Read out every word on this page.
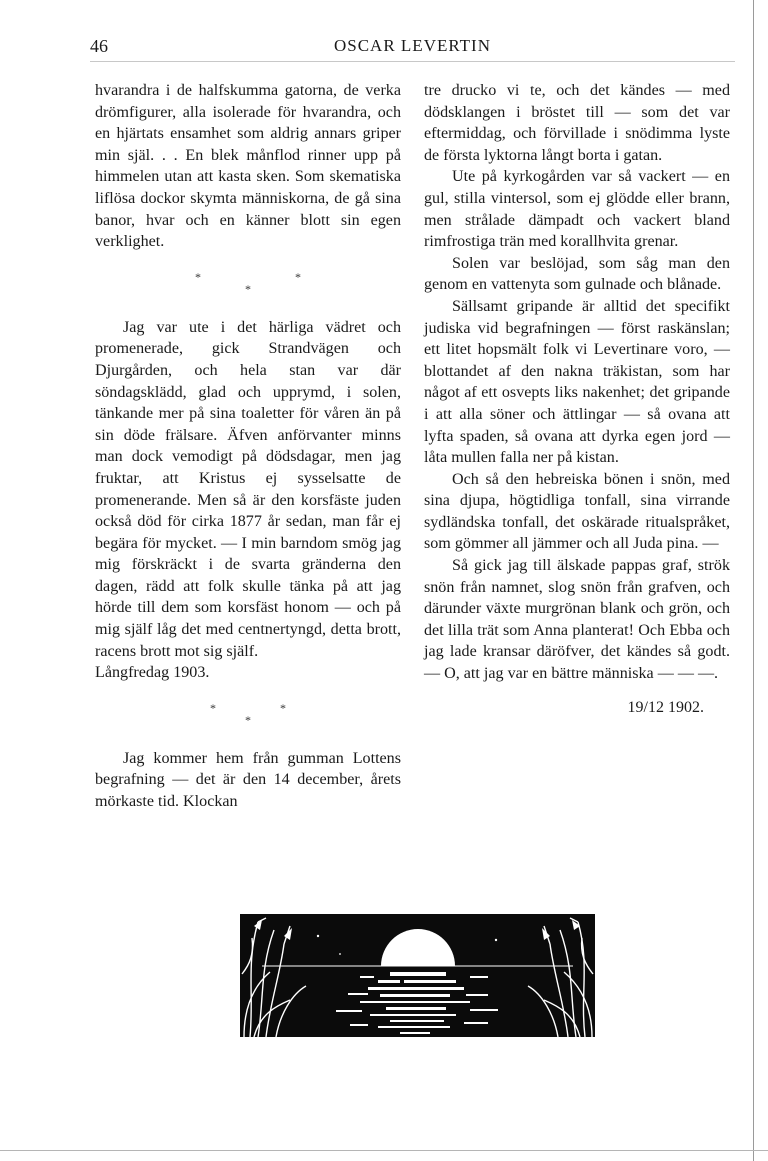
46	OSCAR LEVERTIN

hvarandra i de halfskumma gatorna, de verka drömfigurer, alla isolerade för hvarandra, och en hjärtats ensamhet som aldrig annars griper min själ. . . En blek månflod rinner upp på himmelen utan att kasta sken. Som skematiska liflösa dockor skymta människorna, de gå sina banor, hvar och en känner blott sin egen verklighet.

*	*
*

Jag var ute i det härliga vädret och promenerade, gick Strandvägen och Djurgården, och hela stan var där söndagsklädd, glad och upprymd, i solen, tänkande mer på sina toaletter för våren än på sin döde frälsare. Äfven anförvanter minns man dock vemodigt på dödsdagar, men jag fruktar, att Kristus ej sysselsatte de promenerande. Men så är den korsfäste juden också död för cirka 1877 år sedan, man får ej begära för mycket. — I min barndom smög jag mig förskräckt i de svarta gränderna den dagen, rädd att folk skulle tänka på att jag hörde till dem som korsfäst honom — och på mig själf låg det med centnertyngd, detta brott, racens brott mot sig själf.

Långfredag 1903.

*	*
*

Jag kommer hem från gumman Lottens begrafning — det är den 14 december, årets mörkaste tid. Klockan

tre drucko vi te, och det kändes — med dödsklangen i bröstet till — som det var eftermiddag, och förvillade i snödimma lyste de första lyktorna långt borta i gatan.

Ute på kyrkogården var så vackert — en gul, stilla vintersol, som ej glödde eller brann, men strålade dämpadt och vackert bland rimfrostiga trän med korallhvita grenar.

Solen var beslöjad, som såg man den genom en vattenyta som gulnade och blånade.

Sällsamt gripande är alltid det specifikt judiska vid begrafningen — först raskänslan; ett litet hopsmält folk vi Levertinare voro, — blottandet af den nakna träkistan, som har något af ett osvepts liks nakenhet; det gripande i att alla söner och ättlingar — så ovana att lyfta spaden, så ovana att dyrka egen jord — låta mullen falla ner på kistan.

Och så den hebreiska bönen i snön, med sina djupa, högtidliga tonfall, sina virrande sydländska tonfall, det oskärade ritualspråket, som gömmer all jämmer och all Juda pina. —

Så gick jag till älskade pappas graf, strök snön från namnet, slog snön från grafven, och därunder växte murgrönan blank och grön, och det lilla trät som Anna planterat! Och Ebba och jag lade kransar däröfver, det kändes så godt. — O, att jag var en bättre människa — — —.

19/12 1902.
